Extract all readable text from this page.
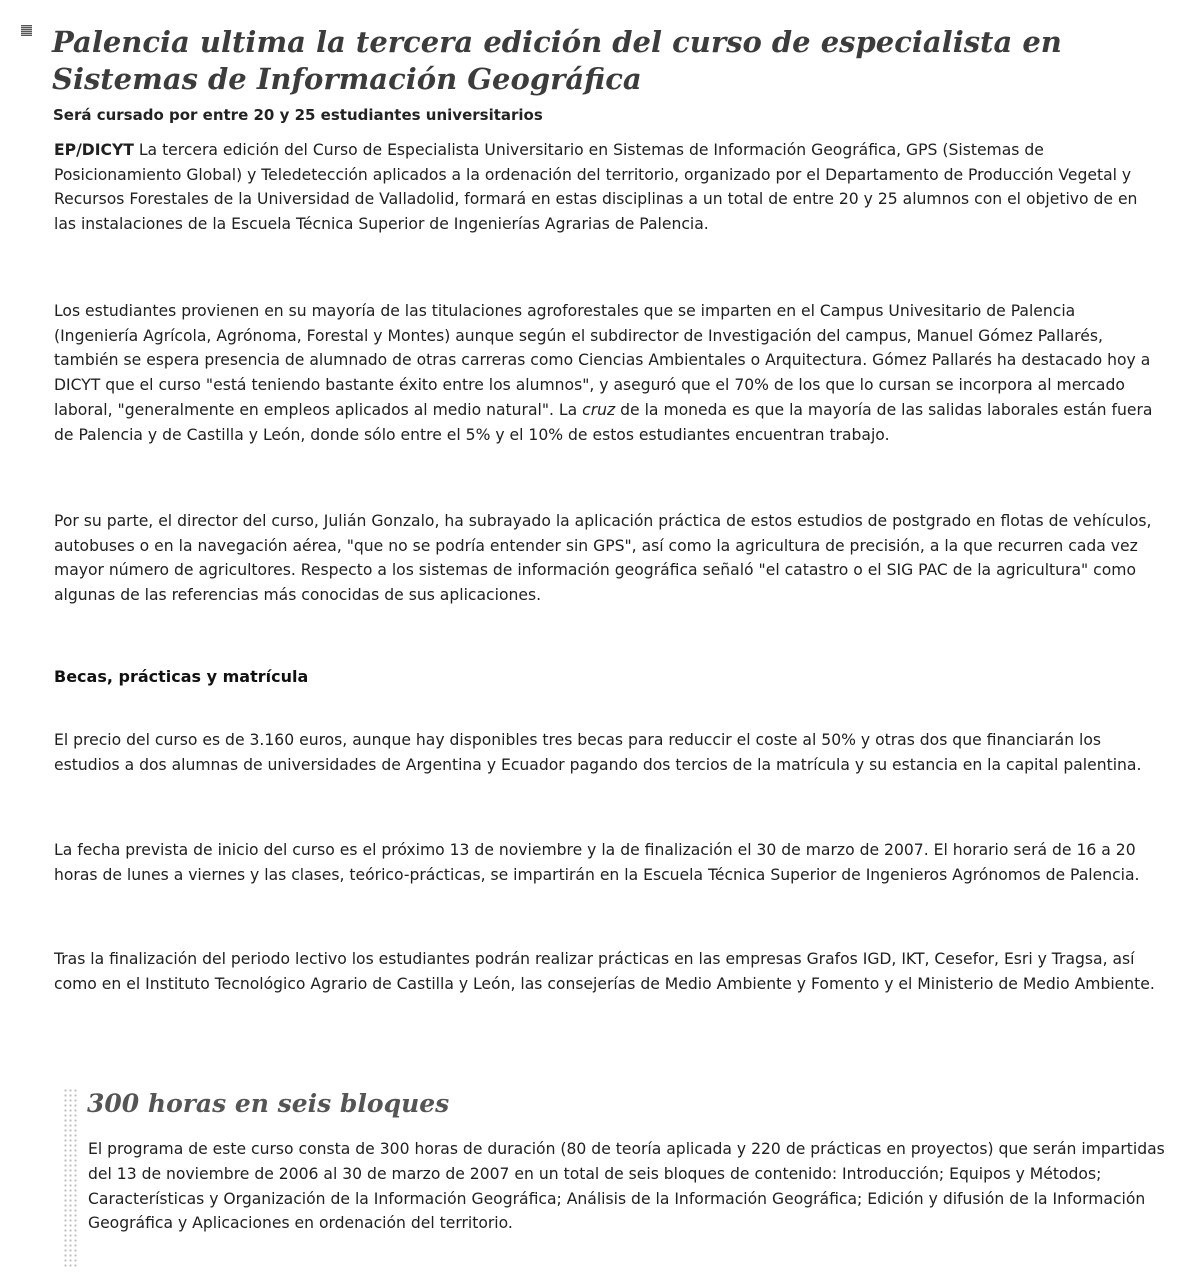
Palencia ultima la tercera edición del curso de especialista en Sistemas de Información Geográfica

Será cursado por entre 20 y 25 estudiantes universitarios

EP/DICYT La tercera edición del Curso de Especialista Universitario en Sistemas de Información Geográfica, GPS (Sistemas de Posicionamiento Global) y Teledetección aplicados a la ordenación del territorio, organizado por el Departamento de Producción Vegetal y Recursos Forestales de la Universidad de Valladolid, formará en estas disciplinas a un total de entre 20 y 25 alumnos con el objetivo de en las instalaciones de la Escuela Técnica Superior de Ingenierías Agrarias de Palencia.

Los estudiantes provienen en su mayoría de las titulaciones agroforestales que se imparten en el Campus Univesitario de Palencia (Ingeniería Agrícola, Agrónoma, Forestal y Montes) aunque según el subdirector de Investigación del campus, Manuel Gómez Pallarés, también se espera presencia de alumnado de otras carreras como Ciencias Ambientales o Arquitectura. Gómez Pallarés ha destacado hoy a DICYT que el curso "está teniendo bastante éxito entre los alumnos", y aseguró que el 70% de los que lo cursan se incorpora al mercado laboral, "generalmente en empleos aplicados al medio natural". La cruz de la moneda es que la mayoría de las salidas laborales están fuera de Palencia y de Castilla y León, donde sólo entre el 5% y el 10% de estos estudiantes encuentran trabajo.

Por su parte, el director del curso, Julián Gonzalo, ha subrayado la aplicación práctica de estos estudios de postgrado en flotas de vehículos, autobuses o en la navegación aérea, "que no se podría entender sin GPS", así como la agricultura de precisión, a la que recurren cada vez mayor número de agricultores. Respecto a los sistemas de información geográfica señaló "el catastro o el SIG PAC de la agricultura" como algunas de las referencias más conocidas de sus aplicaciones.

Becas, prácticas y matrícula

El precio del curso es de 3.160 euros, aunque hay disponibles tres becas para reduccir el coste al 50% y otras dos que financiarán los estudios a dos alumnas de universidades de Argentina y Ecuador pagando dos tercios de la matrícula y su estancia en la capital palentina.

La fecha prevista de inicio del curso es el próximo 13 de noviembre y la de finalización el 30 de marzo de 2007. El horario será de 16 a 20 horas de lunes a viernes y las clases, teórico-prácticas, se impartirán en la Escuela Técnica Superior de Ingenieros Agrónomos de Palencia.

Tras la finalización del periodo lectivo los estudiantes podrán realizar prácticas en las empresas Grafos IGD, IKT, Cesefor, Esri y Tragsa, así como en el Instituto Tecnológico Agrario de Castilla y León, las consejerías de Medio Ambiente y Fomento y el Ministerio de Medio Ambiente.

300 horas en seis bloques

El programa de este curso consta de 300 horas de duración (80 de teoría aplicada y 220 de prácticas en proyectos) que serán impartidas del 13 de noviembre de 2006 al 30 de marzo de 2007 en un total de seis bloques de contenido: Introducción; Equipos y Métodos; Características y Organización de la Información Geográfica; Análisis de la Información Geográfica; Edición y difusión de la Información Geográfica y Aplicaciones en ordenación del territorio.
